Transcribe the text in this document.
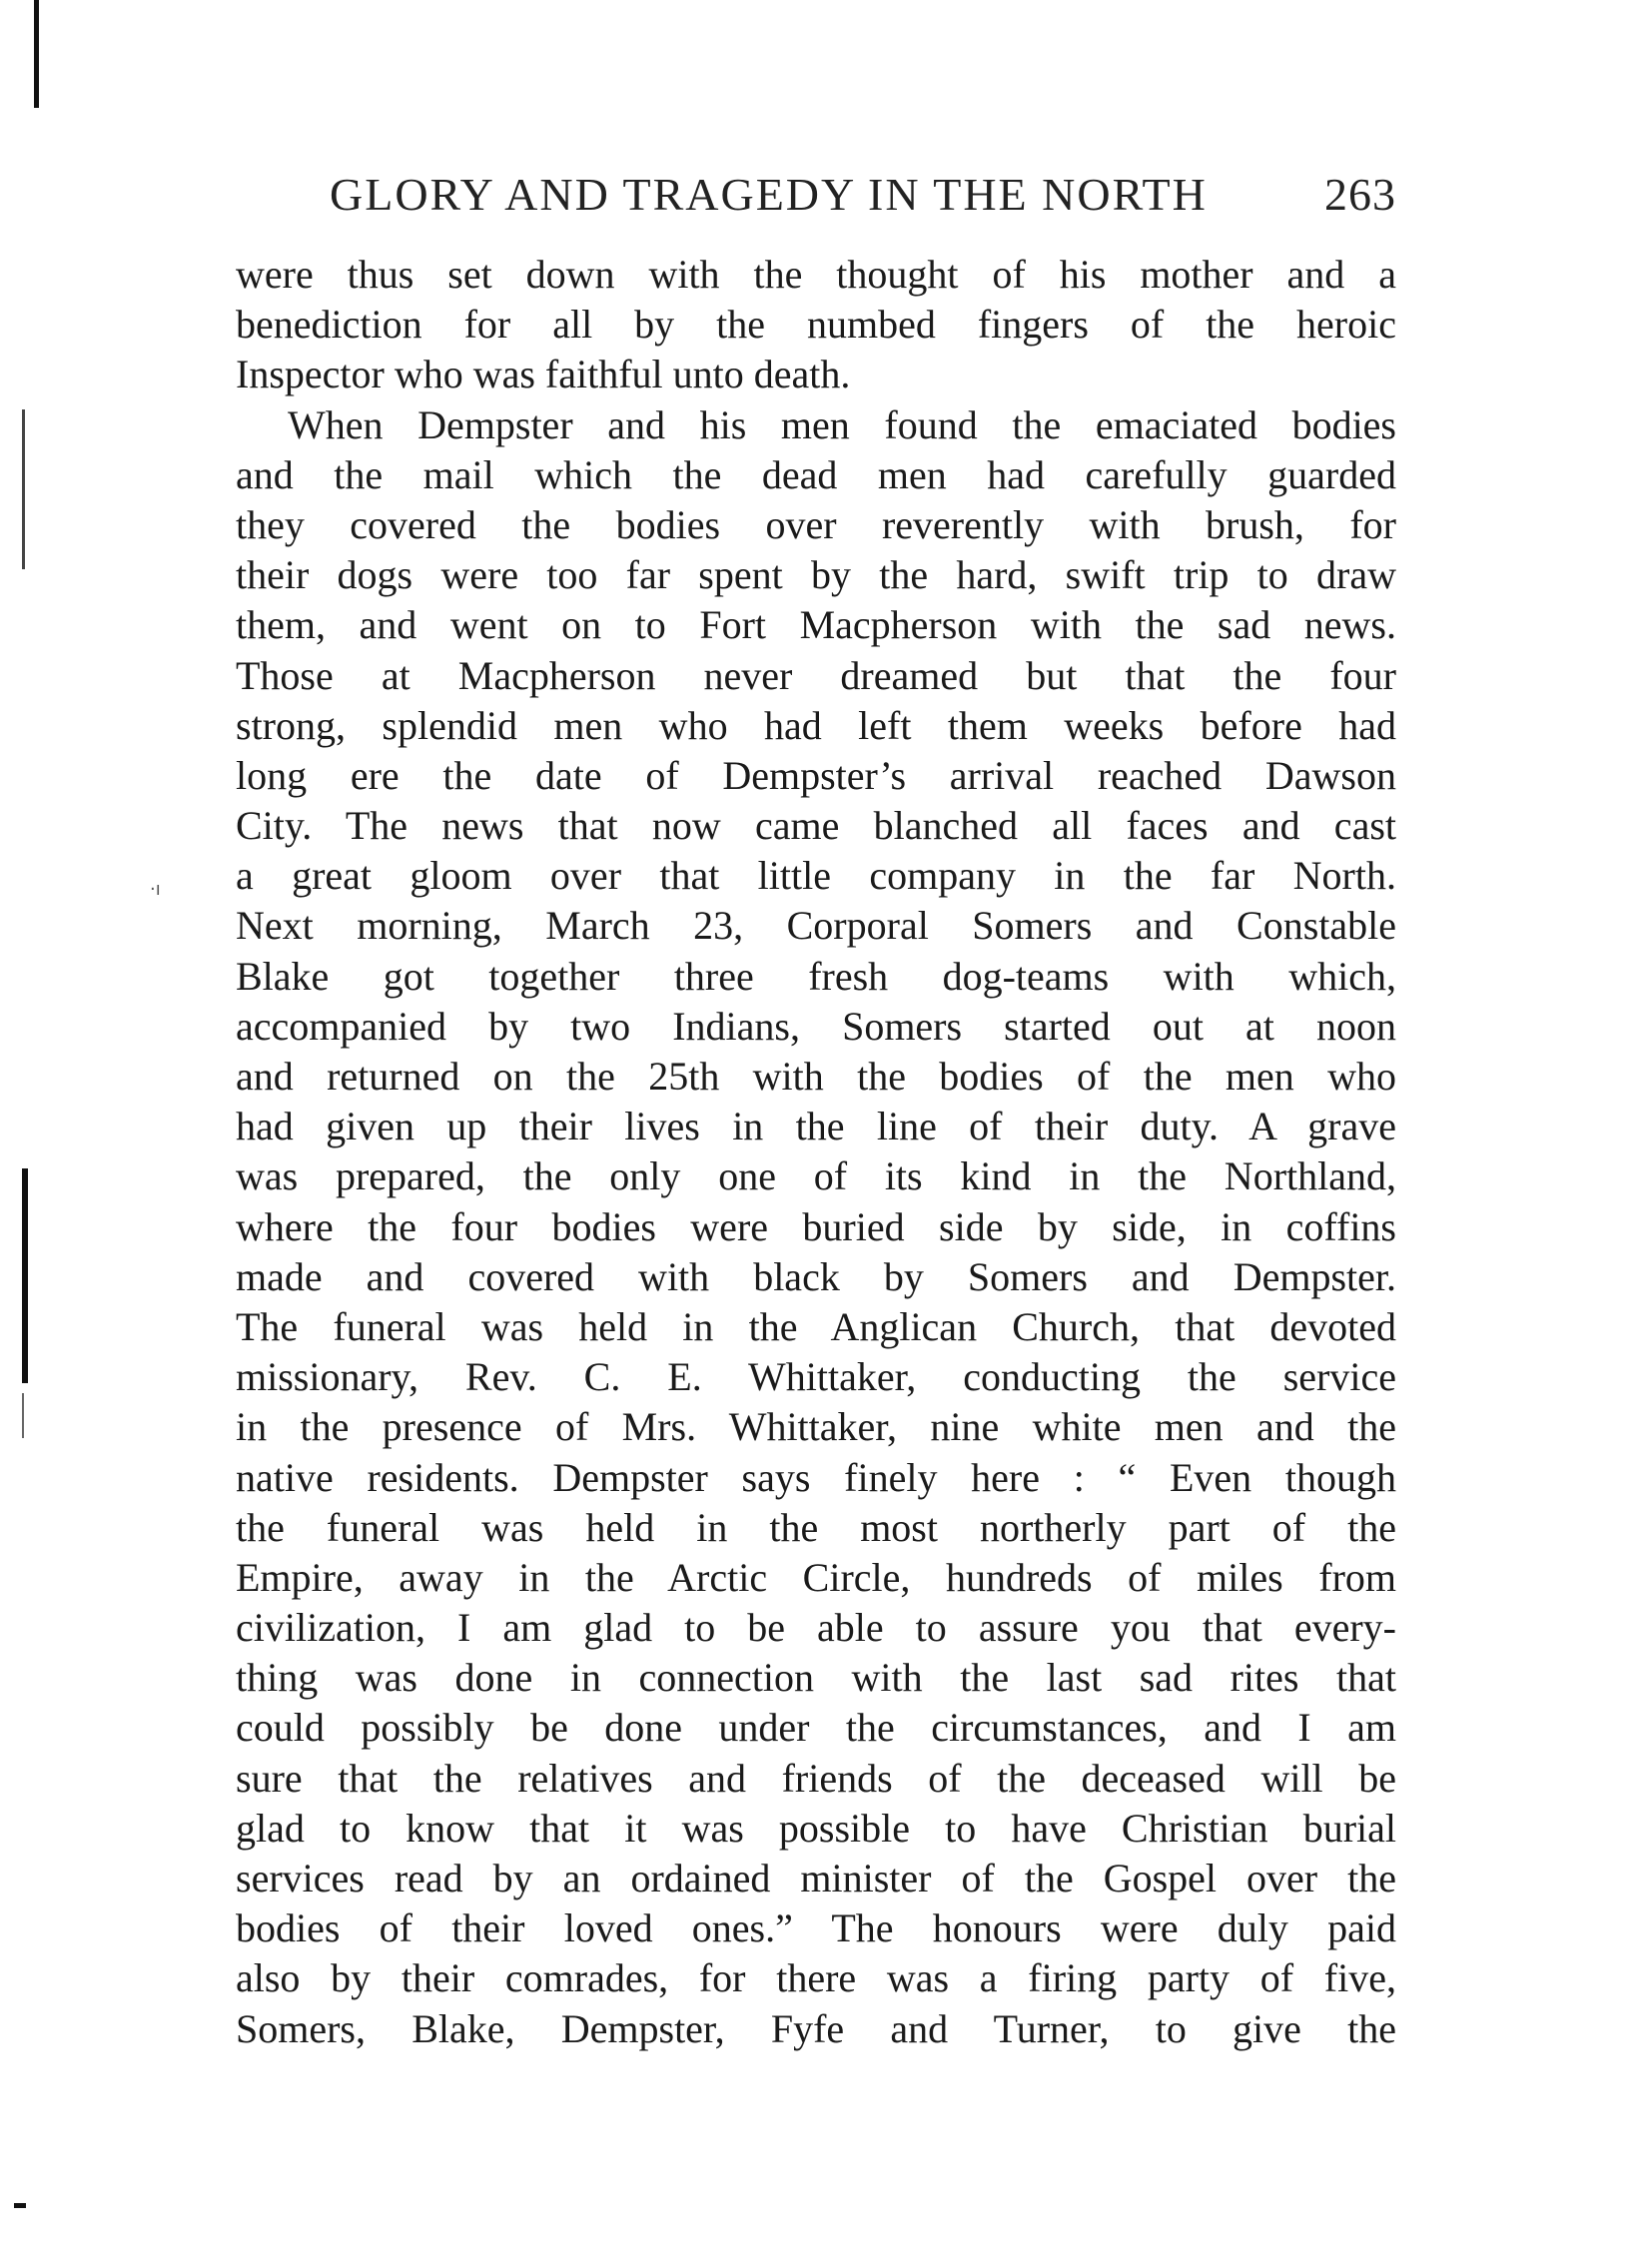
·ı
GLORY AND TRAGEDY IN THE NORTH	263
were thus set down with the thought of his mother and a
benediction for all by the numbed fingers of the heroic
Inspector who was faithful unto death.
When Dempster and his men found the emaciated bodies
and the mail which the dead men had carefully guarded
they covered the bodies over reverently with brush, for
their dogs were too far spent by the hard, swift trip to draw
them, and went on to Fort Macpherson with the sad news.
Those at Macpherson never dreamed but that the four
strong, splendid men who had left them weeks before had
long ere the date of Dempster’s arrival reached Dawson
City. The news that now came blanched all faces and cast
a great gloom over that little company in the far North.
Next morning, March 23, Corporal Somers and Constable
Blake got together three fresh dog-teams with which,
accompanied by two Indians, Somers started out at noon
and returned on the 25th with the bodies of the men who
had given up their lives in the line of their duty. A grave
was prepared, the only one of its kind in the Northland,
where the four bodies were buried side by side, in coffins
made and covered with black by Somers and Dempster.
The funeral was held in the Anglican Church, that devoted
missionary, Rev. C. E. Whittaker, conducting the service
in the presence of Mrs. Whittaker, nine white men and the
native residents. Dempster says finely here : “ Even though
the funeral was held in the most northerly part of the
Empire, away in the Arctic Circle, hundreds of miles from
civilization, I am glad to be able to assure you that every-
thing was done in connection with the last sad rites that
could possibly be done under the circumstances, and I am
sure that the relatives and friends of the deceased will be
glad to know that it was possible to have Christian burial
services read by an ordained minister of the Gospel over the
bodies of their loved ones.” The honours were duly paid
also by their comrades, for there was a firing party of five,
Somers, Blake, Dempster, Fyfe and Turner, to give the
